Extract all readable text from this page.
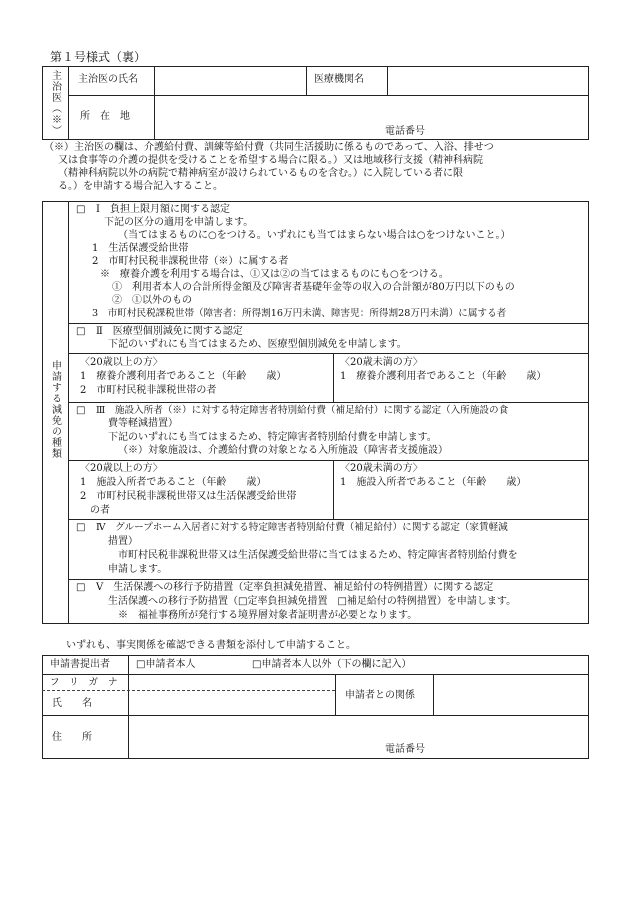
第１号様式（裏）
主治医（※） 主治医の氏名	医療機関名
所　在　地
電話番号
（※）主治医の欄は、介護給付費、訓練等給付費（共同生活援助に係るものであって、入浴、排せつ
又は食事等の介護の提供を受けることを希望する場合に限る。）又は地域移行支援（精神科病院
（精神科病院以外の病院で精神病室が設けられているものを含む。）に入院している者に限
る。）を申請する場合記入すること。
申請する減免の種類
□ Ⅰ　負担上限月額に関する認定
下記の区分の適用を申請します。
（当てはまるものに○をつける。いずれにも当てはまらない場合は○をつけないこと。）
1　生活保護受給世帯
2　市町村民税非課税世帯（※）に属する者
※　療養介護を利用する場合は、①又は②の当てはまるものにも○をつける。
①　利用者本人の合計所得金額及び障害者基礎年金等の収入の合計額が80万円以下のもの
②　①以外のもの
3　市町村民税課税世帯（障害者：所得割16万円未満、障害児：所得割28万円未満）に属する者
□ Ⅱ　医療型個別減免に関する認定
下記のいずれにも当てはまるため、医療型個別減免を申請します。
〈20歳以上の方〉
1　療養介護利用者であること（年齢　　歳）
2　市町村民税非課税世帯の者
〈20歳未満の方〉
1　療養介護利用者であること（年齢　　歳）
□ Ⅲ　施設入所者（※）に対する特定障害者特別給付費（補足給付）に関する認定（入所施設の食
費等軽減措置）
下記のいずれにも当てはまるため、特定障害者特別給付費を申請します。
（※）対象施設は、介護給付費の対象となる入所施設（障害者支援施設）
〈20歳以上の方〉
1　施設入所者であること（年齢　　歳）
2　市町村民税非課税世帯又は生活保護受給世帯
の者
〈20歳未満の方〉
1　施設入所者であること（年齢　　歳）
□ Ⅳ　グループホーム入居者に対する特定障害者特別給付費（補足給付）に関する認定（家賃軽減
措置）
市町村民税非課税世帯又は生活保護受給世帯に当てはまるため、特定障害者特別給付費を
申請します。
□ Ⅴ　生活保護への移行予防措置（定率負担減免措置、補足給付の特例措置）に関する認定
生活保護への移行予防措置（□定率負担減免措置　□補足給付の特例措置）を申請します。
※　福祉事務所が発行する境界層対象者証明書が必要となります。
いずれも、事実関係を確認できる書類を添付して申請すること。
申請書提出者	□申請者本人	□申請者本人以外（下の欄に記入）
フリガナ
氏　　名
申請者との関係
住　　所
電話番号
